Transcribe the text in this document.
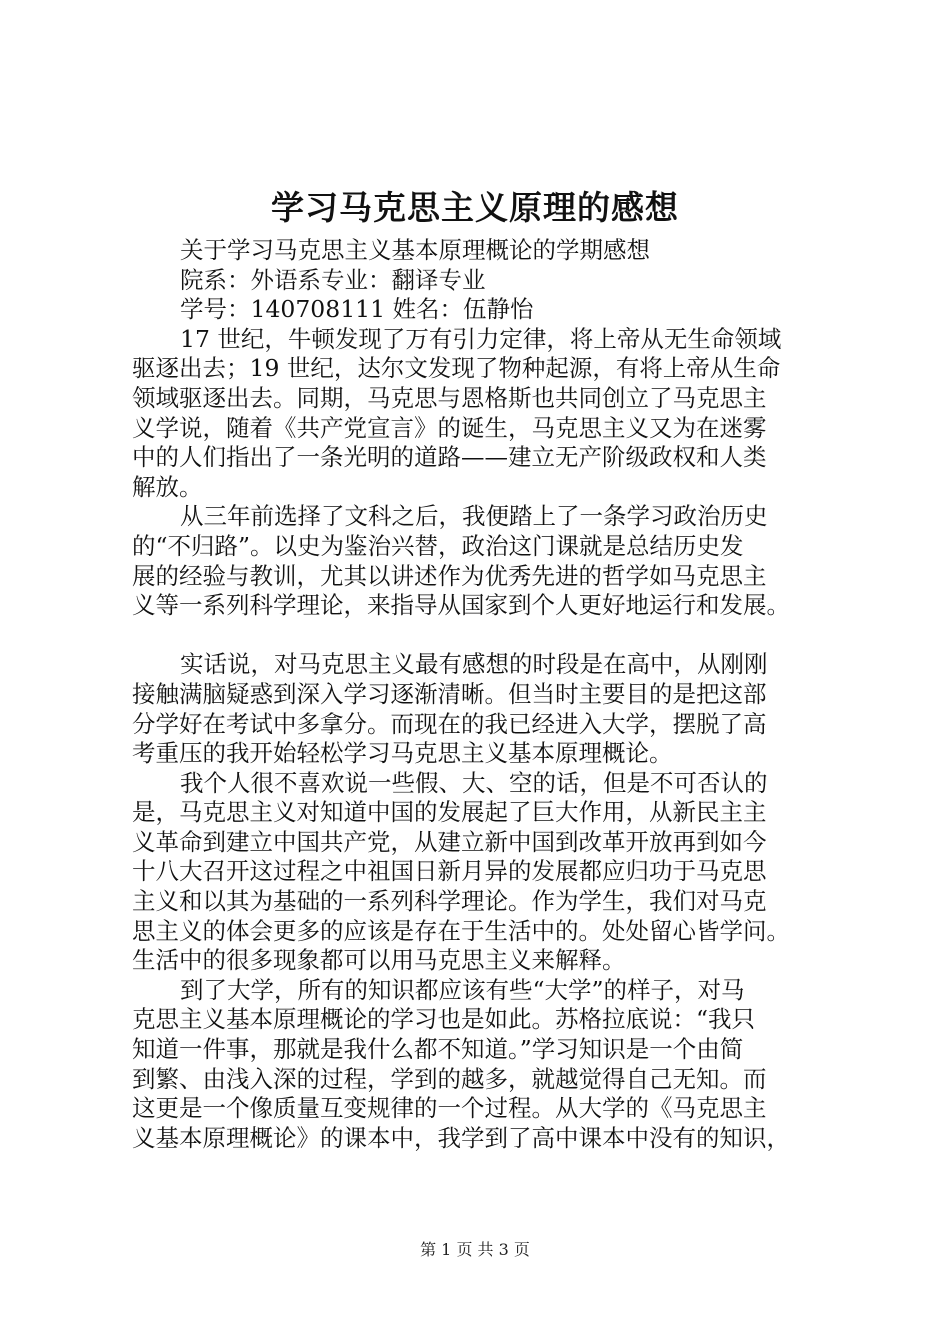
学习马克思主义原理的感想
关于学习马克思主义基本原理概论的学期感想
院系：外语系专业：翻译专业
学号：140708111 姓名：伍静怡
17 世纪，牛顿发现了万有引力定律，将上帝从无生命领域
驱逐出去；19 世纪，达尔文发现了物种起源，有将上帝从生命
领域驱逐出去。同期，马克思与恩格斯也共同创立了马克思主
义学说，随着《共产党宣言》的诞生，马克思主义又为在迷雾
中的人们指出了一条光明的道路——建立无产阶级政权和人类
解放。
从三年前选择了文科之后，我便踏上了一条学习政治历史
的“不归路”。以史为鉴治兴替，政治这门课就是总结历史发
展的经验与教训，尤其以讲述作为优秀先进的哲学如马克思主
义等一系列科学理论，来指导从国家到个人更好地运行和发展。
实话说，对马克思主义最有感想的时段是在高中，从刚刚
接触满脑疑惑到深入学习逐渐清晰。但当时主要目的是把这部
分学好在考试中多拿分。而现在的我已经进入大学，摆脱了高
考重压的我开始轻松学习马克思主义基本原理概论。
我个人很不喜欢说一些假、大、空的话，但是不可否认的
是，马克思主义对知道中国的发展起了巨大作用，从新民主主
义革命到建立中国共产党，从建立新中国到改革开放再到如今
十八大召开这过程之中祖国日新月异的发展都应归功于马克思
主义和以其为基础的一系列科学理论。作为学生，我们对马克
思主义的体会更多的应该是存在于生活中的。处处留心皆学问。
生活中的很多现象都可以用马克思主义来解释。
到了大学，所有的知识都应该有些“大学”的样子，对马
克思主义基本原理概论的学习也是如此。苏格拉底说：“我只
知道一件事，那就是我什么都不知道。”学习知识是一个由简
到繁、由浅入深的过程，学到的越多，就越觉得自己无知。而
这更是一个像质量互变规律的一个过程。从大学的《马克思主
义基本原理概论》的课本中，我学到了高中课本中没有的知识，
第 1 页 共 3 页
